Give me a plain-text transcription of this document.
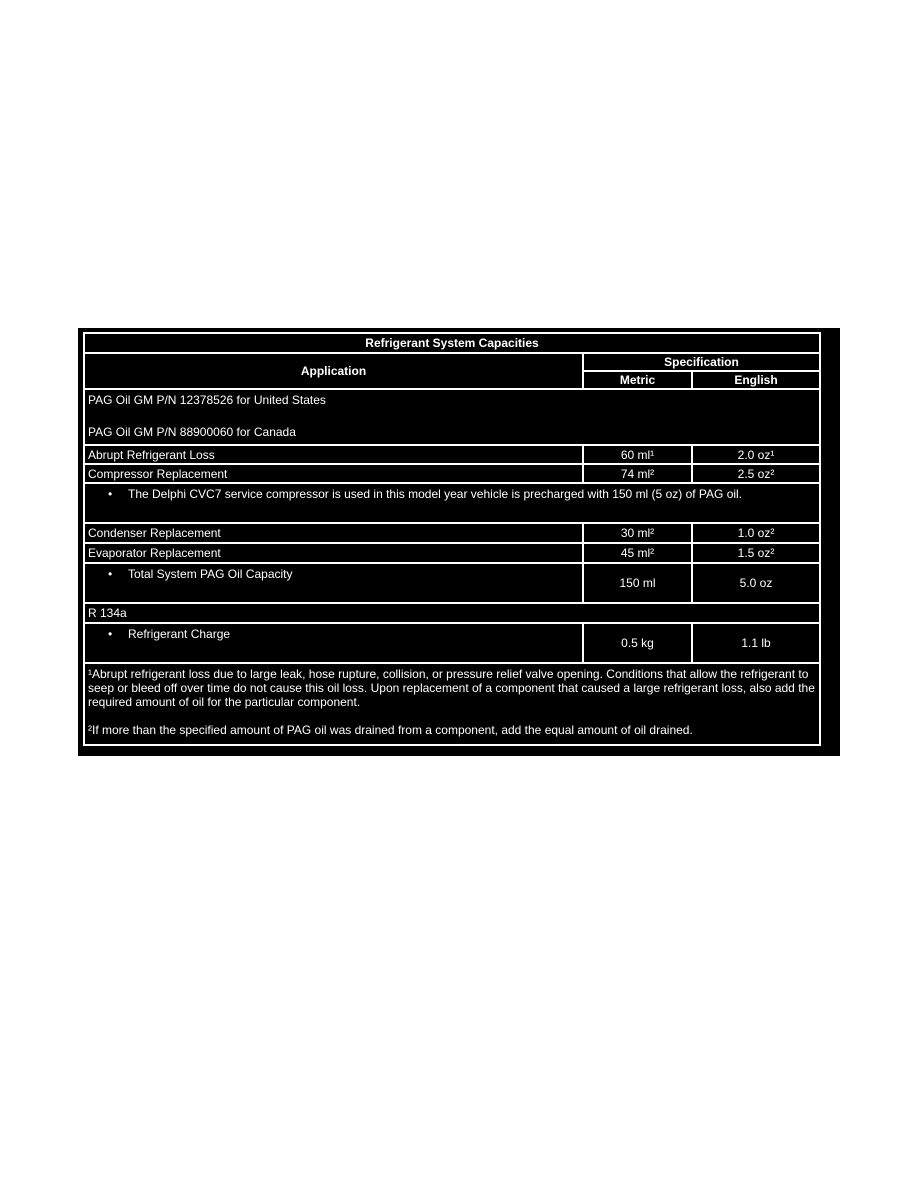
Refrigerant System Capacities		
Application	Specification	
	Metric	English

PAG Oil GM P/N 12378526 for United States
PAG Oil GM P/N 88900060 for Canada		

Abrupt Refrigerant Loss	60 ml¹	2.0 oz¹
Compressor Replacement	74 ml²	2.5 oz²
• The Delphi CVC7 service compressor is used in this model year vehicle is precharged with 150 ml (5 oz) of PAG oil.		
Condenser Replacement	30 ml²	1.0 oz²
Evaporator Replacement	45 ml²	1.5 oz²
• Total System PAG Oil Capacity	150 ml	5.0 oz
R 134a		
• Refrigerant Charge	0.5 kg	1.1 lb

¹Abrupt refrigerant loss due to large leak, hose rupture, collision, or pressure relief valve opening. Conditions that allow the refrigerant to seep or bleed off over time do not cause this oil loss. Upon replacement of a component that caused a large refrigerant loss, also add the required amount of oil for the particular component.

²If more than the specified amount of PAG oil was drained from a component, add the equal amount of oil drained.		
